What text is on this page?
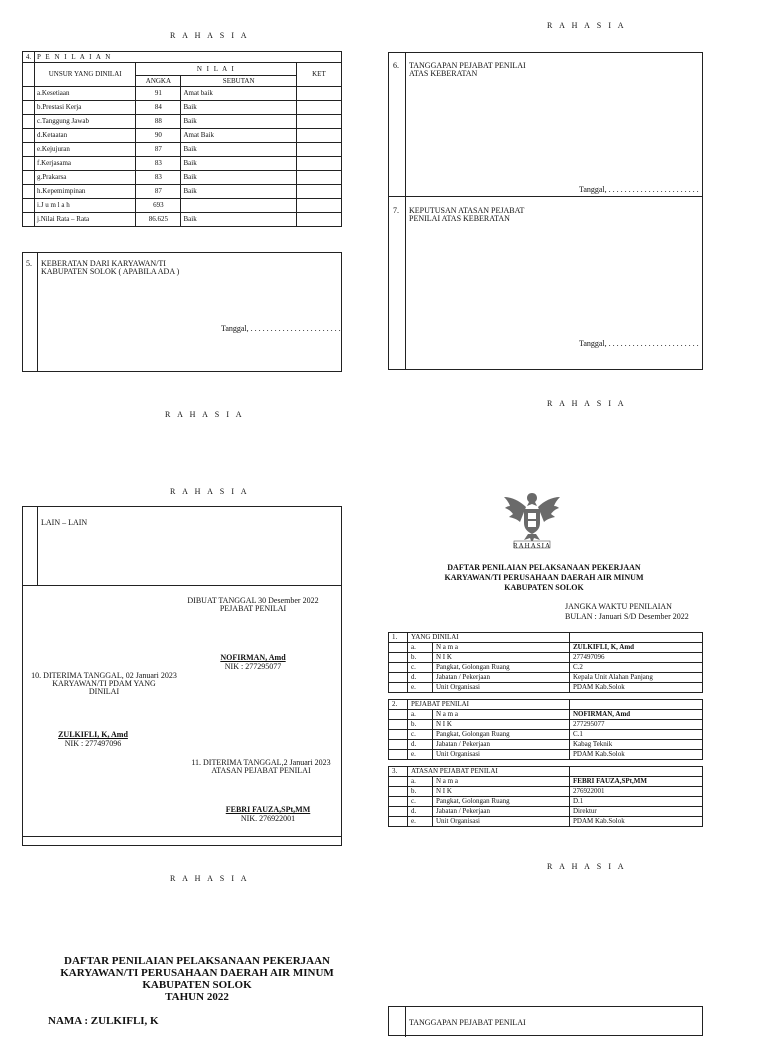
R A H A S I A
4.	P E N I L A I A N			
	UNSUR YANG DINILAI	N I L A I		KET
		ANGKA	SEBUTAN	
	a.Kesetiaan	91	Amat baik	
	b.Prestasi Kerja	84	Baik	
	c.Tanggung Jawab	88	Baik	
	d.Ketaatan	90	Amat Baik	
	e.Kejujuran	87	Baik	
	f.Kerjasama	83	Baik	
	g.Prakarsa	83	Baik	
	h.Kepemimpinan	87	Baik	
	i.J u m l a h	693		
	j.Nilai Rata – Rata	86.625	Baik	
5. KEBERATAN DARI KARYAWAN/TI
KABUPATEN SOLOK ( APABILA ADA )
Tanggal, . . . . . . . . . . . . . . . . . . . . . . .
R A H A S I A
R A H A S I A
6. TANGGAPAN PEJABAT PENILAI
ATAS KEBERATAN
Tanggal, . . . . . . . . . . . . . . . . . . . . . . .
7. KEPUTUSAN ATASAN PEJABAT
PENILAI ATAS KEBERATAN
Tanggal, . . . . . . . . . . . . . . . . . . . . . . .
R A H A S I A
R A H A S I A
LAIN – LAIN
DIBUAT TANGGAL 30 Desember 2022
PEJABAT PENILAI
NOFIRMAN, Amd
NIK : 277295077
10. DITERIMA TANGGAL, 02 Januari 2023
KARYAWAN/TI PDAM YANG
DINILAI
ZULKIFLI, K, Amd
NIK : 277497096
11. DITERIMA TANGGAL,2 Januari 2023
ATASAN PEJABAT PENILAI
FEBRI FAUZA,SPt,MM
NIK. 276922001
RAHASIA
DAFTAR PENILAIAN PELAKSANAAN PEKERJAAN
KARYAWAN/TI PERUSAHAAN DAERAH AIR MINUM
KABUPATEN SOLOK
JANGKA WAKTU PENILAIAN
BULAN : Januari S/D Desember 2022
1.	YANG DINILAI		
	a.	N a m a	ZULKIFLI, K, Amd
	b.	N I K	277497096
	c.	Pangkat, Golongan Ruang	C.2
	d.	Jabatan / Pekerjaan	Kepala Unit Alahan Panjang
	e.	Unit Organisasi	PDAM Kab.Solok

2.	PEJABAT PENILAI		
	a.	N a m a	NOFIRMAN, Amd
	b.	N I K	277295077
	c.	Pangkat, Golongan Ruang	C.1
	d.	Jabatan / Pekerjaan	Kabag Teknik
	e.	Unit Organisasi	PDAM Kab.Solok

3.	ATASAN PEJABAT PENILAI		
	a.	N a m a	FEBRI FAUZA,SPt,MM
	b.	N I K	276922001
	c.	Pangkat, Golongan Ruang	D.1
	d.	Jabatan / Pekerjaan	Direktur
	e.	Unit Organisasi	PDAM Kab.Solok
R A H A S I A
R A H A S I A
DAFTAR PENILAIAN PELAKSANAAN PEKERJAAN
KARYAWAN/TI PERUSAHAAN DAERAH AIR MINUM
KABUPATEN SOLOK
TAHUN 2022
NAMA : ZULKIFLI, K	TANGGAPAN PEJABAT PENILAI
